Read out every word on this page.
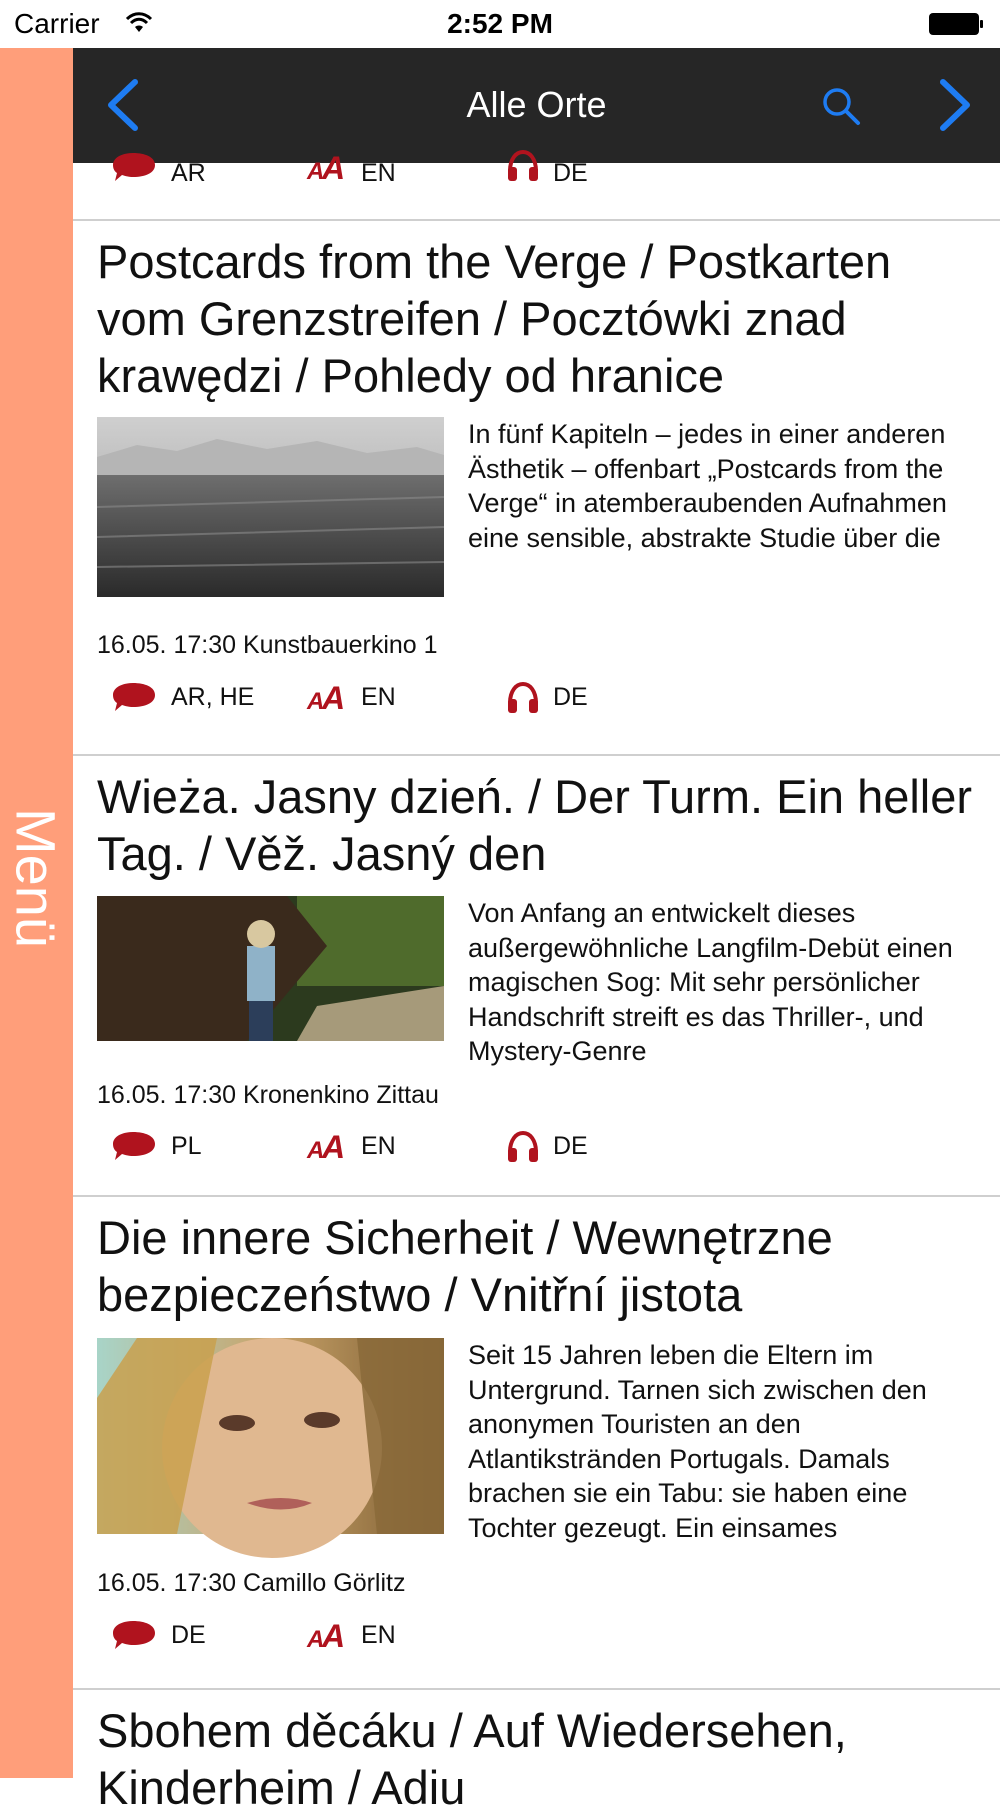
Carrier	2:52 PM
Menü
Alle Orte
AR	EN	DE
Postcards from the Verge / Postkarten vom Grenzstreifen / Pocztówki znad krawędzi / Pohledy od hranice
In fünf Kapiteln – jedes in einer anderen Ästhetik – offenbart „Postcards from the Verge“ in atemberaubenden Aufnahmen eine sensible, abstrakte Studie über die
16.05. 17:30 Kunstbauerkino 1
AR, HE	EN	DE
Wieża. Jasny dzień. / Der Turm. Ein heller Tag. / Věž. Jasný den
Von Anfang an entwickelt dieses außergewöhnliche Langfilm-Debüt einen magischen Sog: Mit sehr persönlicher Handschrift streift es das Thriller-, und Mystery-Genre
16.05. 17:30 Kronenkino Zittau
PL	EN	DE
Die innere Sicherheit / Wewnętrzne bezpieczeństwo / Vnitřní jistota
Seit 15 Jahren leben die Eltern im Untergrund. Tarnen sich zwischen den anonymen Touristen an den Atlantikstränden Portugals. Damals brachen sie ein Tabu: sie haben eine Tochter gezeugt. Ein einsames
16.05. 17:30 Camillo Görlitz
DE	EN
Sbohem děcáku / Auf Wiedersehen, Kinderheim / Adiu
